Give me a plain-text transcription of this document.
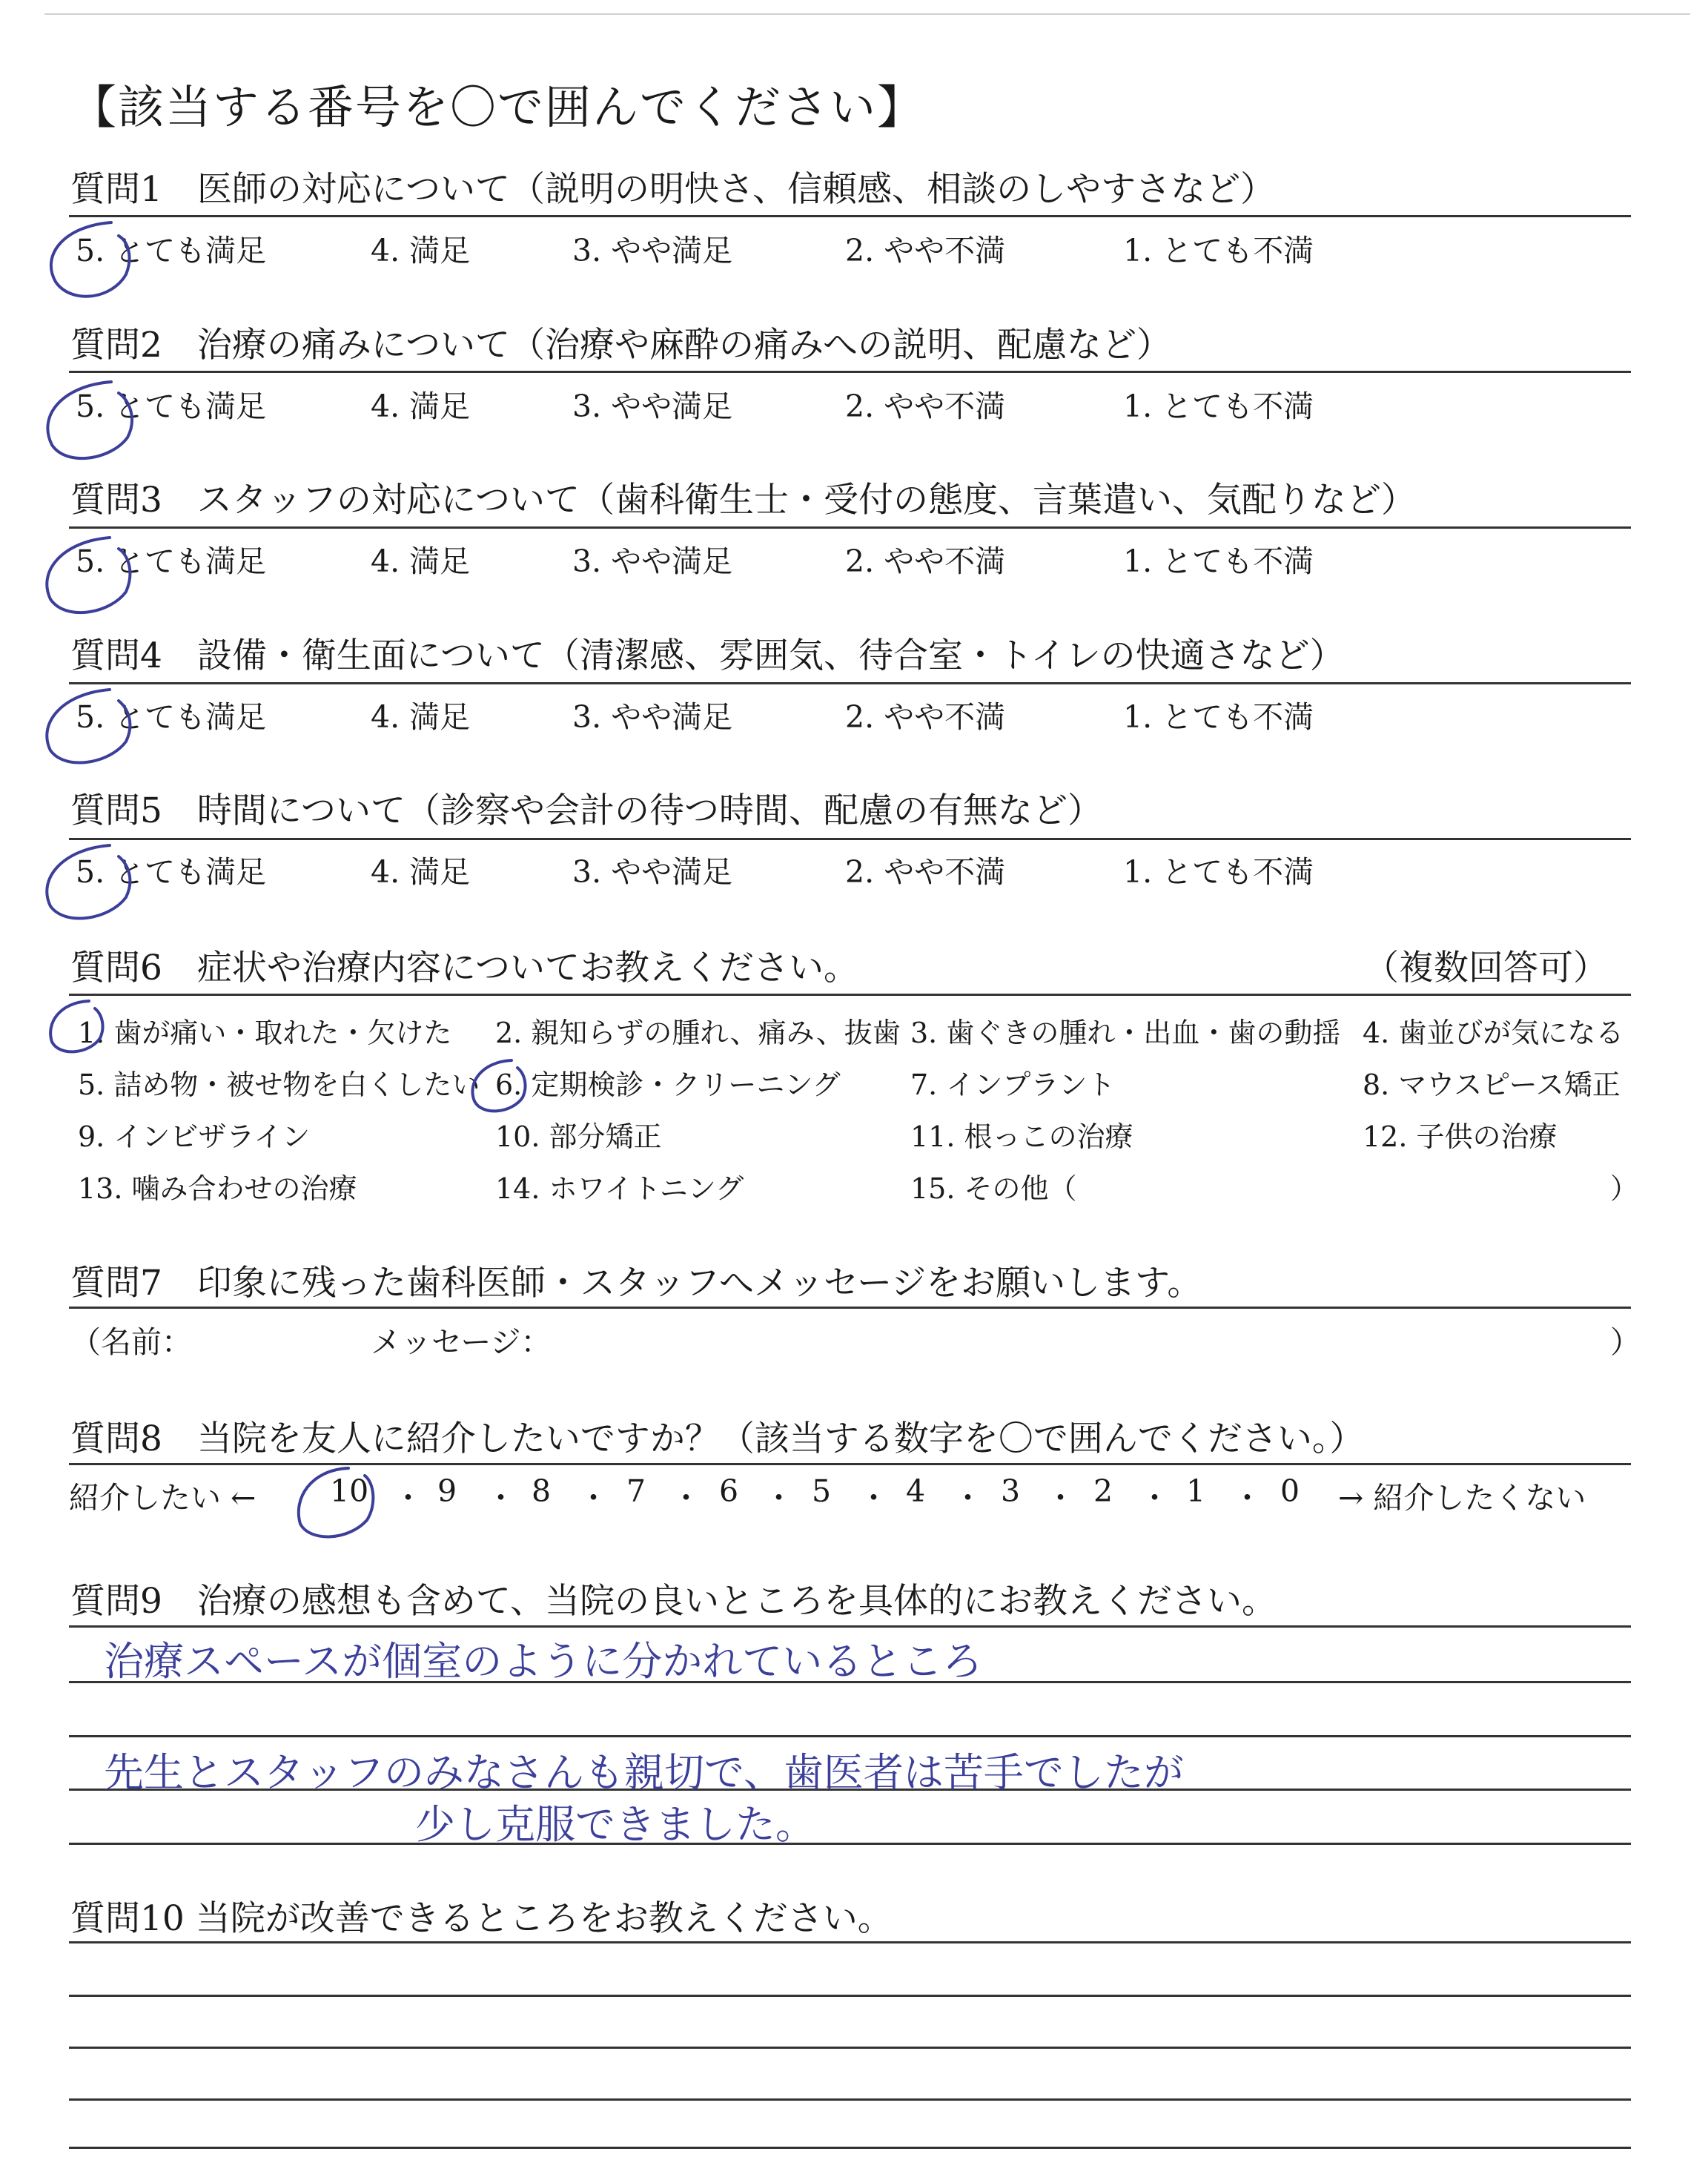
【該当する番号を〇で囲んでください】
質問1　医師の対応について（説明の明快さ、信頼感、相談のしやすさなど）
5. とても満足	4. 満足	3. やや満足	2. やや不満	1. とても不満
質問2　治療の痛みについて（治療や麻酔の痛みへの説明、配慮など）
5. とても満足	4. 満足	3. やや満足	2. やや不満	1. とても不満
質問3　スタッフの対応について（歯科衛生士・受付の態度、言葉遣い、気配りなど）
5. とても満足	4. 満足	3. やや満足	2. やや不満	1. とても不満
質問4　設備・衛生面について（清潔感、雰囲気、待合室・トイレの快適さなど）
5. とても満足	4. 満足	3. やや満足	2. やや不満	1. とても不満
質問5　時間について（診察や会計の待つ時間、配慮の有無など）
5. とても満足	4. 満足	3. やや満足	2. やや不満	1. とても不満
質問6　症状や治療内容についてお教えください。	（複数回答可）
1. 歯が痛い・取れた・欠けた 2. 親知らずの腫れ、痛み、抜歯 3. 歯ぐきの腫れ・出血・歯の動揺 4. 歯並びが気になる
5. 詰め物・被せ物を白くしたい 6. 定期検診・クリーニング 7. インプラント	8. マウスピース矯正
9. インビザライン	10. 部分矯正	11. 根っこの治療	12. 子供の治療
13. 噛み合わせの治療	14. ホワイトニング	15. その他（	）
質問7　印象に残った歯科医師・スタッフへメッセージをお願いします。
（名前：	メッセージ：	）
質問8　当院を友人に紹介したいですか？（該当する数字を〇で囲んでください。）
紹介したい ← 10 ・ 9 ・ 8 ・ 7 ・ 6 ・ 5 ・ 4 ・ 3 ・ 2 ・ 1 ・ 0 → 紹介したくない
質問9　治療の感想も含めて、当院の良いところを具体的にお教えください。
治療スペースが個室のように分かれているところ
先生とスタッフのみなさんも親切で、歯医者は苦手でしたが
少し克服できました。
質問10 当院が改善できるところをお教えください。
